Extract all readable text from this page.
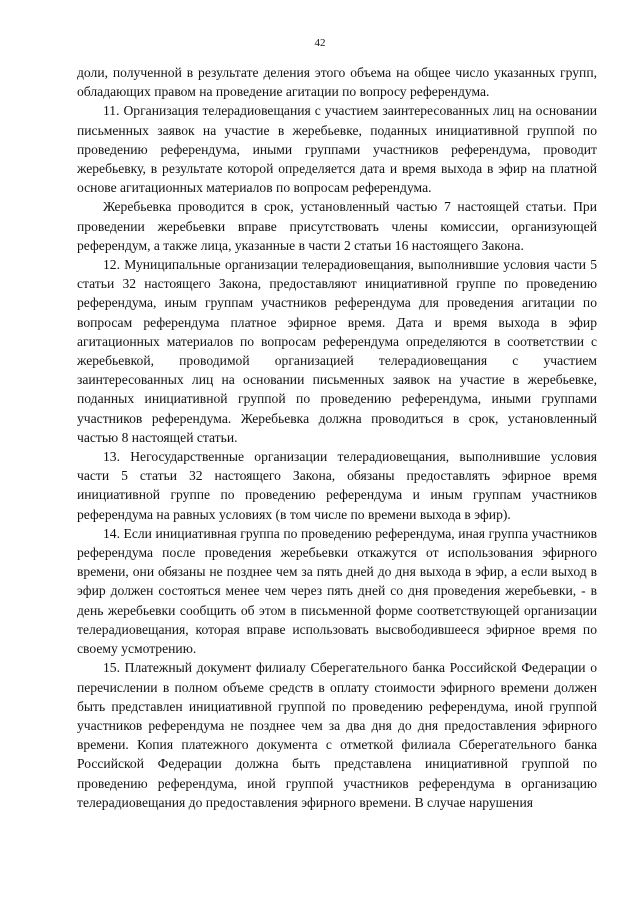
42

доли, полученной в результате деления этого объема на общее число указанных групп, обладающих правом на проведение агитации по вопросу референдума.

11. Организация телерадиовещания с участием заинтересованных лиц на основании письменных заявок на участие в жеребьевке, поданных инициативной группой по проведению референдума, иными группами участников референдума, проводит жеребьевку, в результате которой определяется дата и время выхода в эфир на платной основе агитационных материалов по вопросам референдума.

Жеребьевка проводится в срок, установленный частью 7 настоящей статьи. При проведении жеребьевки вправе присутствовать члены комиссии, организующей референдум, а также лица, указанные в части 2 статьи 16 настоящего Закона.

12. Муниципальные организации телерадиовещания, выполнившие условия части 5 статьи 32 настоящего Закона, предоставляют инициативной группе по проведению референдума, иным группам участников референдума для проведения агитации по вопросам референдума платное эфирное время. Дата и время выхода в эфир агитационных материалов по вопросам референдума определяются в соответствии с жеребьевкой, проводимой организацией телерадиовещания с участием заинтересованных лиц на основании письменных заявок на участие в жеребьевке, поданных инициативной группой по проведению референдума, иными группами участников референдума. Жеребьевка должна проводиться в срок, установленный частью 8 настоящей статьи.

13. Негосударственные организации телерадиовещания, выполнившие условия части 5 статьи 32 настоящего Закона, обязаны предоставлять эфирное время инициативной группе по проведению референдума и иным группам участников референдума на равных условиях (в том числе по времени выхода в эфир).

14. Если инициативная группа по проведению референдума, иная группа участников референдума после проведения жеребьевки откажутся от использования эфирного времени, они обязаны не позднее чем за пять дней до дня выхода в эфир, а если выход в эфир должен состояться менее чем через пять дней со дня проведения жеребьевки, - в день жеребьевки сообщить об этом в письменной форме соответствующей организации телерадиовещания, которая вправе использовать высвободившееся эфирное время по своему усмотрению.

15. Платежный документ филиалу Сберегательного банка Российской Федерации о перечислении в полном объеме средств в оплату стоимости эфирного времени должен быть представлен инициативной группой по проведению референдума, иной группой участников референдума не позднее чем за два дня до дня предоставления эфирного времени. Копия платежного документа с отметкой филиала Сберегательного банка Российской Федерации должна быть представлена инициативной группой по проведению референдума, иной группой участников референдума в организацию телерадиовещания до предоставления эфирного времени. В случае нарушения
